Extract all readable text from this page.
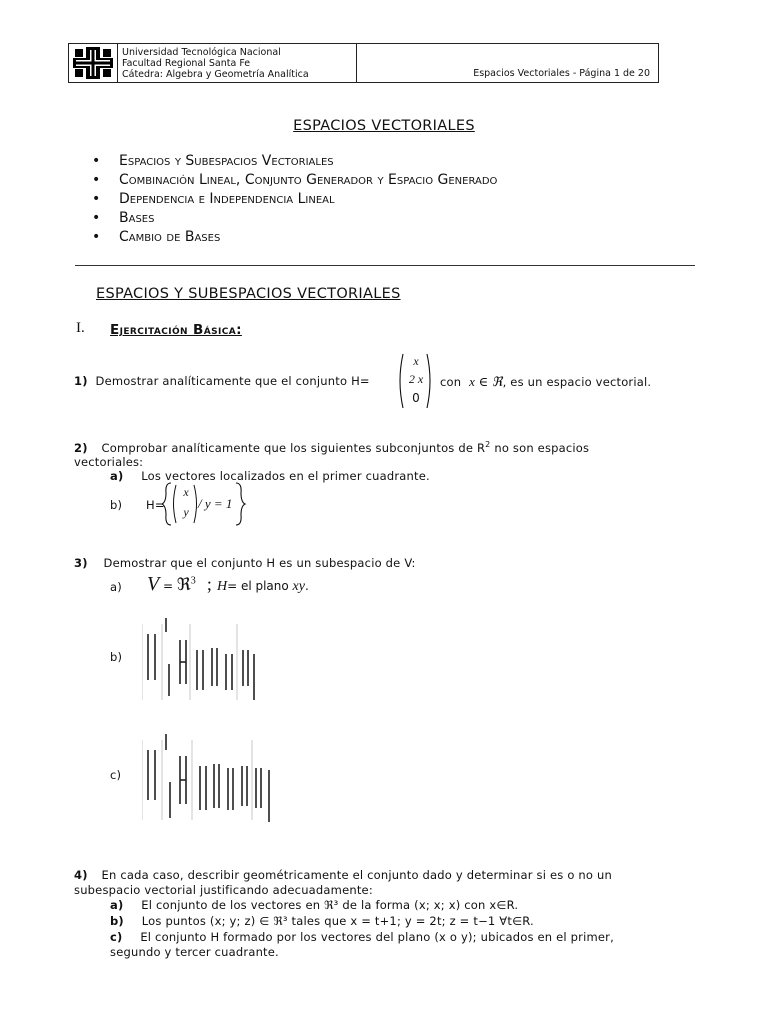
Universidad Tecnológica Nacional
Facultad Regional Santa Fe
Cátedra: Algebra y Geometría Analítica	Espacios Vectoriales - Página 1 de 20
ESPACIOS VECTORIALES
• Espacios y Subespacios Vectoriales
• Combinación Lineal, Conjunto Generador y Espacio Generado
• Dependencia e Independencia Lineal
• Bases
• Cambio de Bases
ESPACIOS Y SUBESPACIOS VECTORIALES
I. Ejercitación Básica:
1) Demostrar analíticamente que el conjunto H=
x
2 x
0
con x ∈ ℜ, es un espacio vectorial.
2) Comprobar analíticamente que los siguientes subconjuntos de $R^2$ no son espacios
vectoriales:
a) Los vectores localizados en el primer cuadrante.
b) H=
x
y
/ y = 1
3) Demostrar que el conjunto H es un subespacio de V:
a) V = ℜ$^3$ ; H= el plano xy.
b)
c)
4) En cada caso, describir geométricamente el conjunto dado y determinar si es o no un
subespacio vectorial justificando adecuadamente:
a) El conjunto de los vectores en ℜ³ de la forma (x; x; x) con x∈R.
b) Los puntos (x; y; z) ∈ ℜ³ tales que x = t+1; y = 2t; z = t−1 ∀t∈R.
c) El conjunto H formado por los vectores del plano (x o y); ubicados en el primer,
segundo y tercer cuadrante.
